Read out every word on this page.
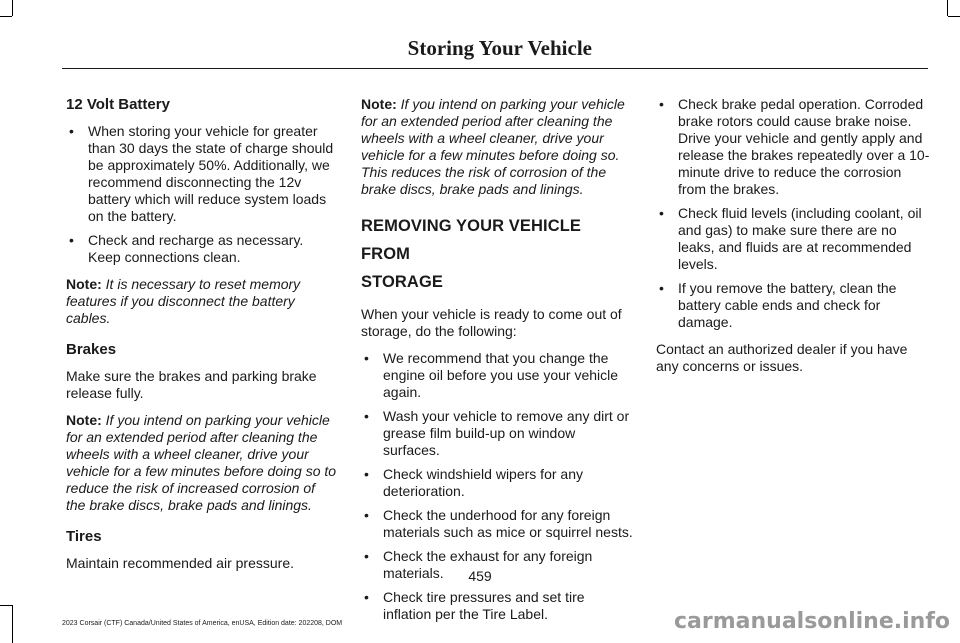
Storing Your Vehicle
12 Volt Battery
• When storing your vehicle for greater than 30 days the state of charge should be approximately 50%. Additionally, we recommend disconnecting the 12v battery which will reduce system loads on the battery.
• Check and recharge as necessary. Keep connections clean.

Note: It is necessary to reset memory features if you disconnect the battery cables.

Brakes

Make sure the brakes and parking brake release fully.

Note: If you intend on parking your vehicle for an extended period after cleaning the wheels with a wheel cleaner, drive your vehicle for a few minutes before doing so to reduce the risk of increased corrosion of the brake discs, brake pads and linings.

Tires

Maintain recommended air pressure.

Note: If you intend on parking your vehicle for an extended period after cleaning the wheels with a wheel cleaner, drive your vehicle for a few minutes before doing so. This reduces the risk of corrosion of the brake discs, brake pads and linings.

REMOVING YOUR VEHICLE FROM
STORAGE

When your vehicle is ready to come out of storage, do the following:

• We recommend that you change the engine oil before you use your vehicle again.
• Wash your vehicle to remove any dirt or grease film build-up on window surfaces.
• Check windshield wipers for any deterioration.
• Check the underhood for any foreign materials such as mice or squirrel nests.
• Check the exhaust for any foreign materials.
• Check tire pressures and set tire inflation per the Tire Label.
• Check brake pedal operation. Corroded brake rotors could cause brake noise. Drive your vehicle and gently apply and release the brakes repeatedly over a 10-minute drive to reduce the corrosion from the brakes.
• Check fluid levels (including coolant, oil and gas) to make sure there are no leaks, and fluids are at recommended levels.
• If you remove the battery, clean the battery cable ends and check for damage.

Contact an authorized dealer if you have any concerns or issues.

459
2023 Corsair (CTF) Canada/United States of America, enUSA, Edition date: 202208, DOM	carmanualsonline.info
